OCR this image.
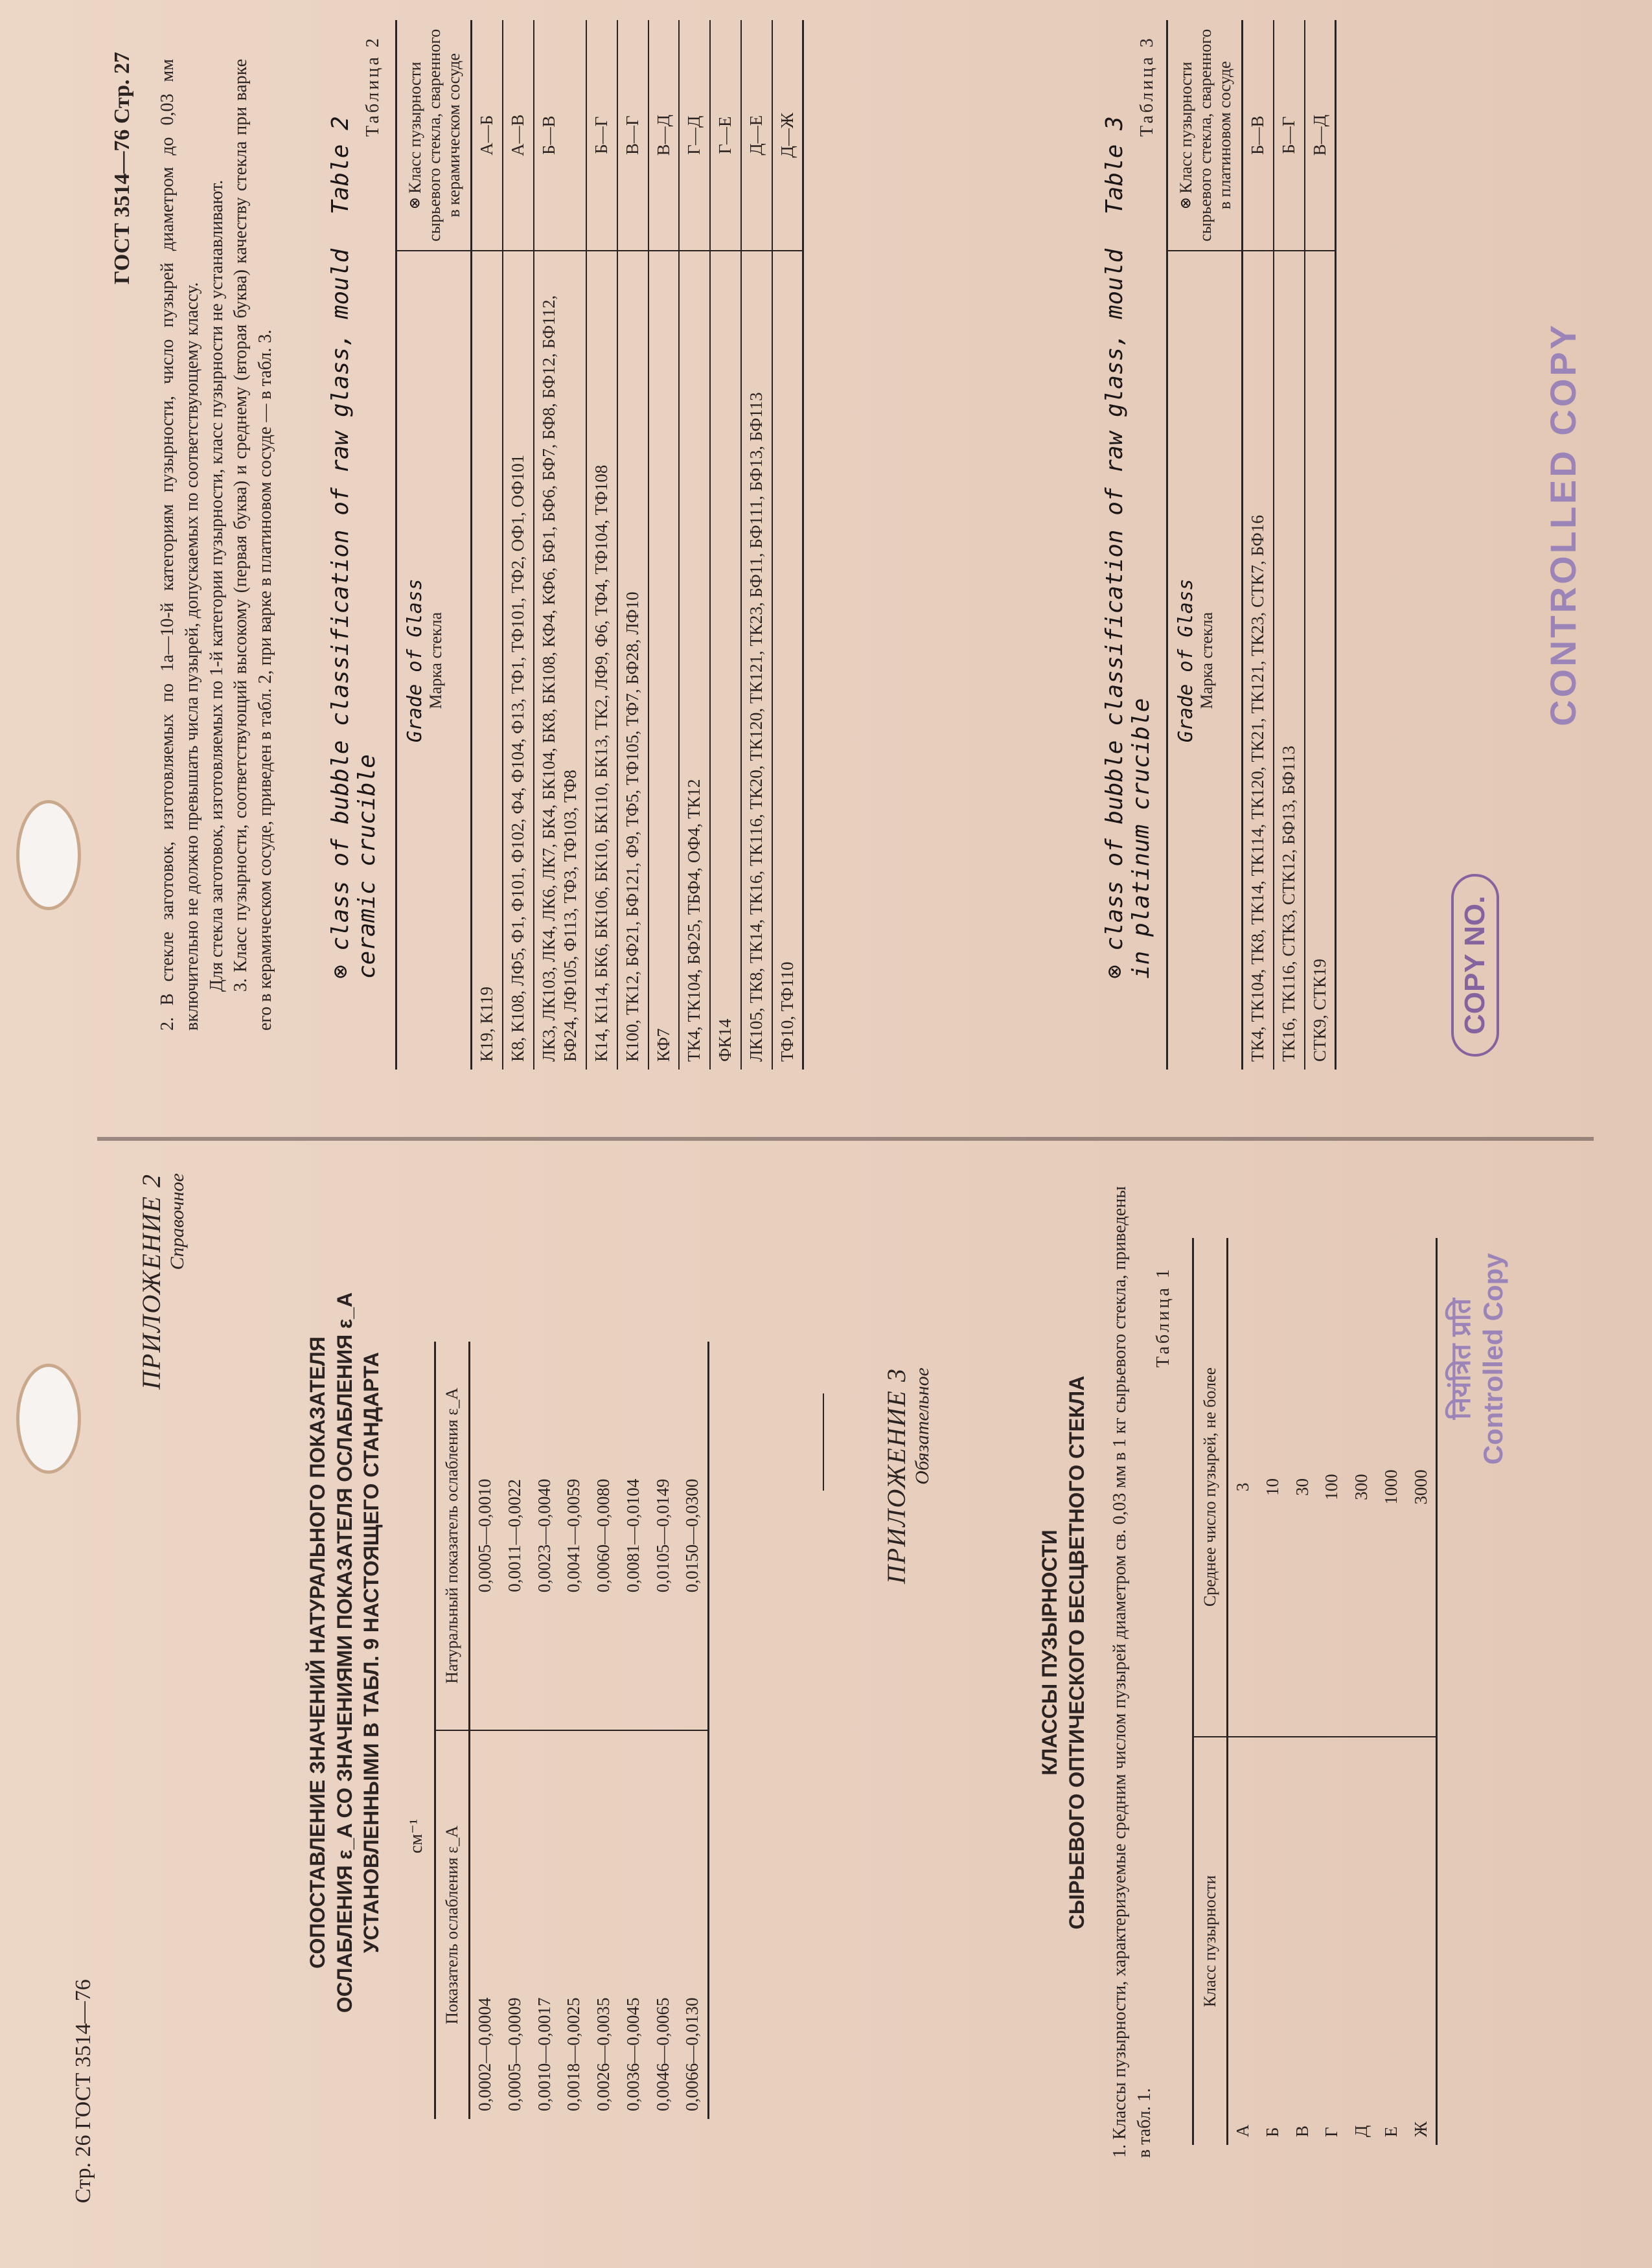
Стр. 26 ГОСТ 3514—76
ПРИЛОЖЕНИЕ 2 Справочное
СОПОСТАВЛЕНИЕ ЗНАЧЕНИЙ НАТУРАЛЬНОГО ПОКАЗАТЕЛЯ ОСЛАБЛЕНИЯ ε_A СО ЗНАЧЕНИЯМИ ПОКАЗАТЕЛЯ ОСЛАБЛЕНИЯ ε_A УСТАНОВЛЕННЫМИ В ТАБЛ. 9 НАСТОЯЩЕГО СТАНДАРТА см⁻¹ Показатель ослабления ε_A	Натуральный показатель ослабления ε_A
0,0002—0,0004	0,0005—0,0010
0,0005—0,0009	0,0011—0,0022
0,0010—0,0017	0,0023—0,0040
0,0018—0,0025	0,0041—0,0059
0,0026—0,0035	0,0060—0,0080
0,0036—0,0045	0,0081—0,0104
0,0046—0,0065	0,0105—0,0149
0,0066—0,0130	0,0150—0,0300	ПРИЛОЖЕНИЕ 3 Обязательное
КЛАССЫ ПУЗЫРНОСТИ СЫРЬЕВОГО ОПТИЧЕСКОГО БЕСЦВЕТНОГО СТЕКЛА 1. Классы пузырности, характеризуемые средним числом пузырей диаметром св. 0,03 мм в 1 кг сырьевого стекла, приведены в табл. 1.
Таблица 1
Класс пузырности	Среднее число пузырей, не более
А	3
Б	10
В	30
Г	100
Д	300
Е	1000
Ж	3000
नियंत्रित प्रति Controlled Copy
ГОСТ 3514—76 Стр. 27 2. В стекле заготовок, изготовляемых по 1а—10-й категориям пузырности, число пузырей диаметром до 0,03 мм включительно не должно превышать числа пузырей, допускаемых по соответствующему классу. Для стекла заготовок, изготовляемых по 1-й категории пузырности, класс пузырности не устанавливают. 3. Класс пузырности, соответствующий высокому (первая буква) и среднему (вторая буква) качеству стекла при варке его в керамическом сосуде, приведен в табл. 2, при варке в платиновом сосуде — в табл. 3. ⊗ class of bubble classification of raw glass, mould ceramic crucible
Table 2
Таблица 2
Grade of Glass Марка стекла	⊗ Класс пузырности сырьевого стекла, сваренного в керамическом сосуде
К19, К119	А—Б
К8, К108, ЛФ5, Ф1, Ф101, Ф102, Ф4, Ф104, Ф13, ТФ1, ТФ101, ТФ2, ОФ1, ОФ101	А—В
ЛК3, ЛК103, ЛК4, ЛК6, ЛК7, БК4, БК104, БК8, БК108, КФ4, КФ6, БФ1, БФ6, БФ7, БФ8, БФ12, БФ112, БФ24, ЛФ105, Ф113, ТФ3, ТФ103, ТФ8	Б—В
К14, К114, БК6, БК106, БК10, БК110, БК13, ТК2, ЛФ9, Ф6, ТФ4, ТФ104, ТФ108	Б—Г
К100, ТК12, БФ21, БФ121, Ф9, ТФ5, ТФ105, ТФ7, БФ28, ЛФ10	В—Г
КФ7	В—Д
ТК4, ТК104, БФ25, ТБФ4, ОФ4, ТК12	Г—Д
ФК14	Г—Е
ЛК105, ТК8, ТК14, ТК16, ТК116, ТК20, ТК120, ТК121, ТК23, БФ11, БФ111, БФ13, БФ113	Д—Е
ТФ10, ТФ110	Д—Ж
⊗ class of bubble classification of raw glass, mould in platinum crucible
Table 3
Таблица 3
Grade of Glass Марка стекла	⊗ Класс пузырности сырьевого стекла, сваренного в платиновом сосуде
ТК4, ТК104, ТК8, ТК14, ТК114, ТК120, ТК21, ТК121, ТК23, СТК7, БФ16	Б—В
ТК16, ТК116, СТК3, СТК12, БФ13, БФ113	Б—Г
СТК9, СТК19	В—Д
COPY NO.
CONTROLLED COPY
